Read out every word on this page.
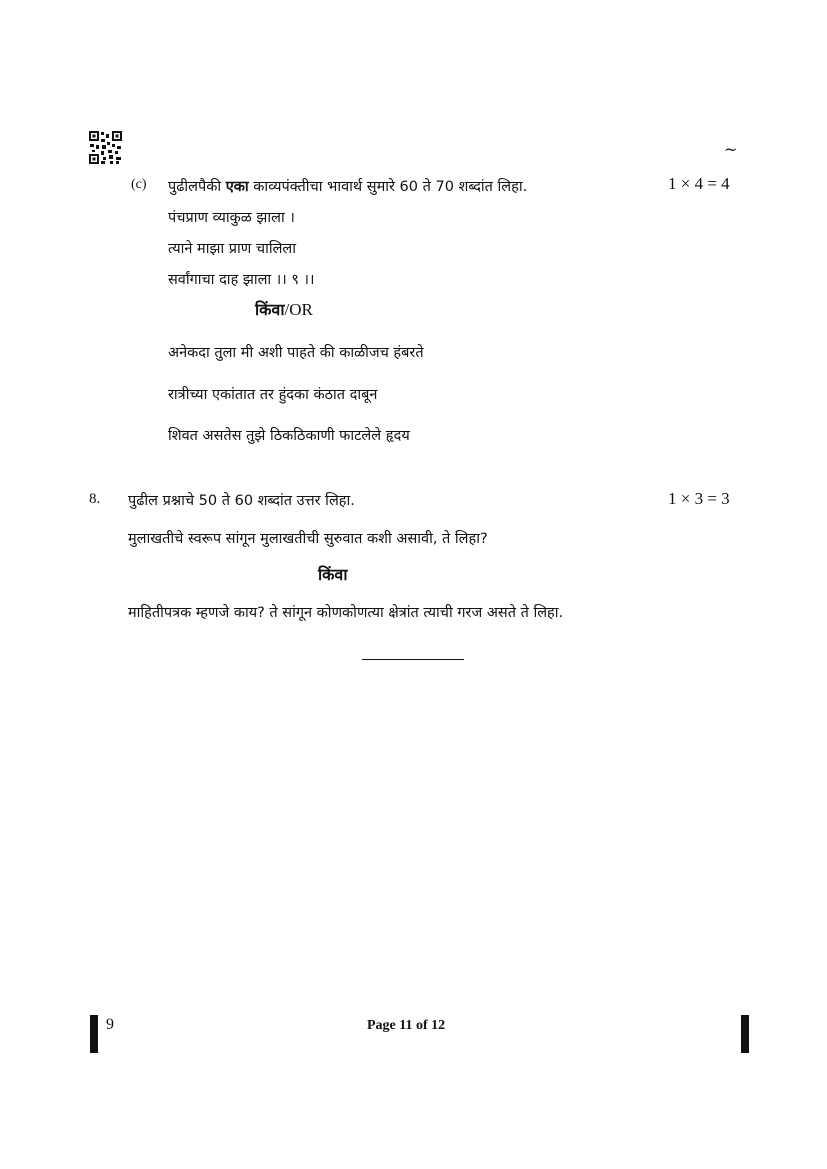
~
(c) पुढीलपैकी एका काव्यपंक्तीचा भावार्थ सुमारे 60 ते 70 शब्दांत लिहा.	1 × 4 = 4
पंचप्राण व्याकुळ झाला ।
त्याने माझा प्राण चालिला
सर्वांगाचा दाह झाला ।। ९ ।।
किंवा/OR
अनेकदा तुला मी अशी पाहते की काळीजच हंबरते
रात्रीच्या एकांतात तर हुंदका कंठात दाबून
शिवत असतेस तुझे ठिकठिकाणी फाटलेले हृदय
8. पुढील प्रश्नाचे 50 ते 60 शब्दांत उत्तर लिहा.	1 × 3 = 3
मुलाखतीचे स्वरूप सांगून मुलाखतीची सुरुवात कशी असावी, ते लिहा?
किंवा
माहितीपत्रक म्हणजे काय? ते सांगून कोणकोणत्या क्षेत्रांत त्याची गरज असते ते लिहा.
9	Page 11 of 12
